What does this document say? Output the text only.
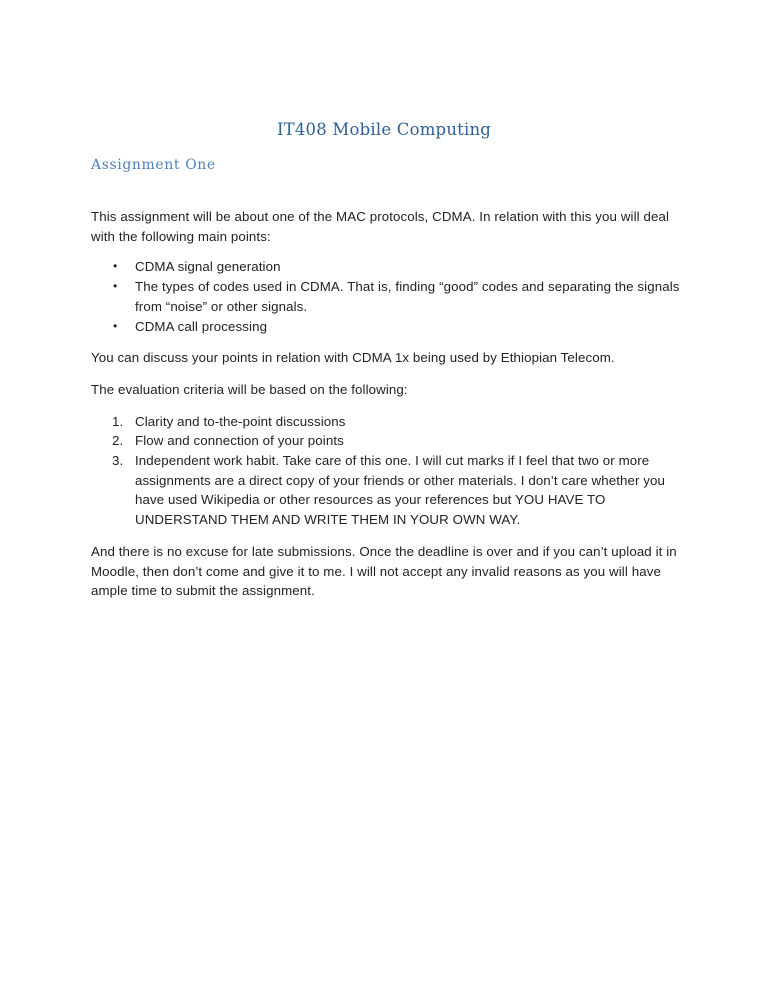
IT408 Mobile Computing
Assignment One

This assignment will be about one of the MAC protocols, CDMA. In relation with this you will deal with the following main points:

• CDMA signal generation
• The types of codes used in CDMA. That is, finding “good” codes and separating the signals from “noise” or other signals.
• CDMA call processing

You can discuss your points in relation with CDMA 1x being used by Ethiopian Telecom.

The evaluation criteria will be based on the following:

1. Clarity and to-the-point discussions
2. Flow and connection of your points
3. Independent work habit. Take care of this one. I will cut marks if I feel that two or more assignments are a direct copy of your friends or other materials. I don’t care whether you have used Wikipedia or other resources as your references but YOU HAVE TO UNDERSTAND THEM AND WRITE THEM IN YOUR OWN WAY.

And there is no excuse for late submissions. Once the deadline is over and if you can’t upload it in Moodle, then don’t come and give it to me. I will not accept any invalid reasons as you will have ample time to submit the assignment.
